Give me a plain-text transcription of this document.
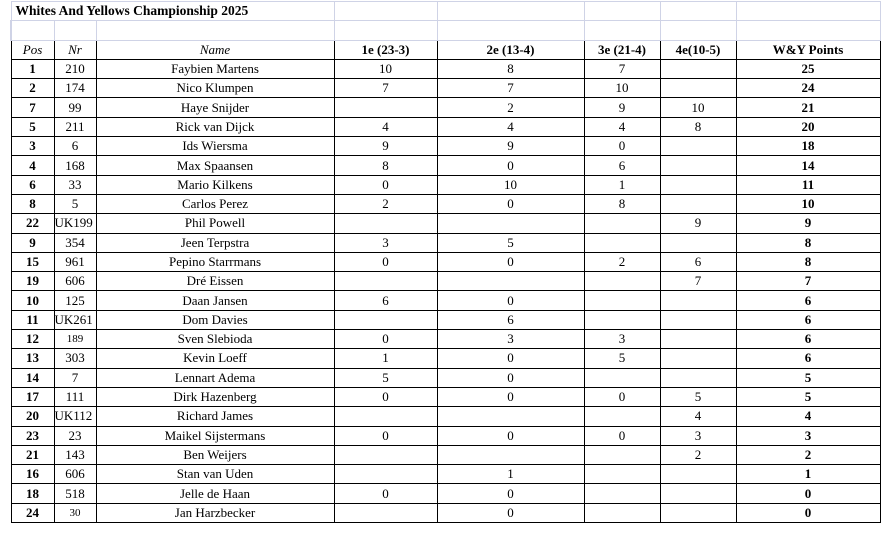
Whites And Yellows Championship 2025							

Pos	Nr	Name	1e (23-3)	2e (13-4)	3e (21-4)	4e(10-5)	W&Y Points
1	210	Faybien Martens	10	8	7		25
2	174	Nico Klumpen	7	7	10		24
7	99	Haye Snijder		2	9	10	21
5	211	Rick van Dijck	4	4	4	8	20
3	6	Ids Wiersma	9	9	0		18
4	168	Max Spaansen	8	0	6		14
6	33	Mario Kilkens	0	10	1		11
8	5	Carlos Perez	2	0	8		10
22	UK199	Phil Powell				9	9
9	354	Jeen Terpstra	3	5			8
15	961	Pepino Starrmans	0	0	2	6	8
19	606	Dré Eissen				7	7
10	125	Daan Jansen	6	0			6
11	UK261	Dom Davies		6			6
12	189	Sven Slebioda	0	3	3		6
13	303	Kevin Loeff	1	0	5		6
14	7	Lennart Adema	5	0			5
17	111	Dirk Hazenberg	0	0	0	5	5
20	UK112	Richard James				4	4
23	23	Maikel Sijstermans	0	0	0	3	3
21	143	Ben Weijers				2	2
16	606	Stan van Uden		1			1
18	518	Jelle de Haan	0	0			0
24	30	Jan Harzbecker		0			0
